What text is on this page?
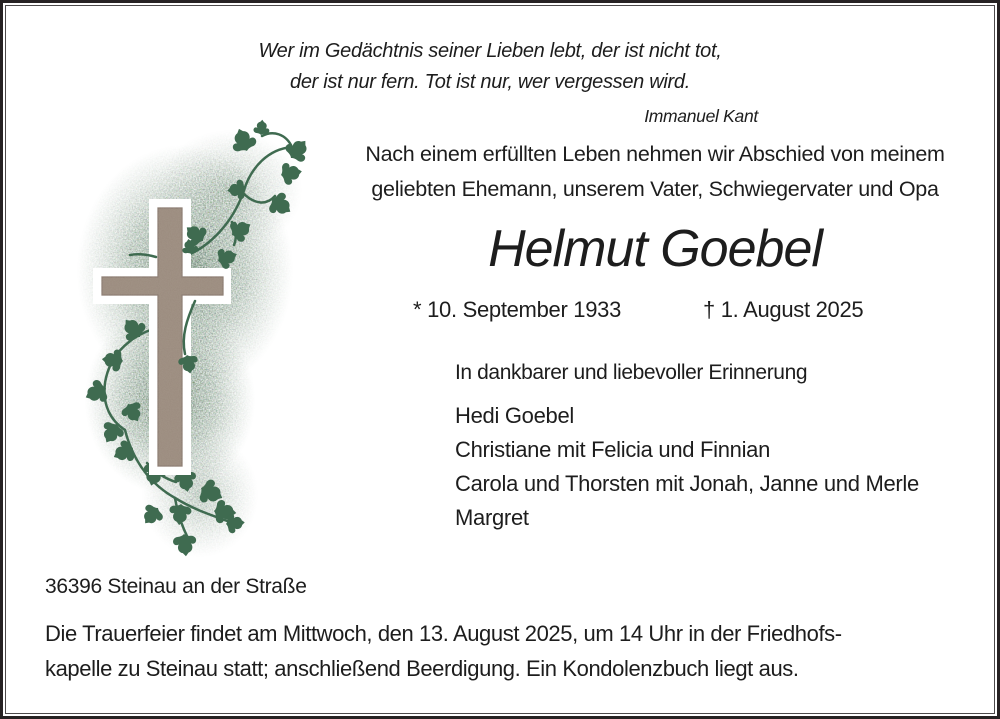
Wer im Gedächtnis seiner Lieben lebt, der ist nicht tot,
der ist nur fern. Tot ist nur, wer vergessen wird.
Immanuel Kant
Nach einem erfüllten Leben nehmen wir Abschied von meinem
geliebten Ehemann, unserem Vater, Schwiegervater und Opa
Helmut Goebel
* 10. September 1933	† 1. August 2025
In dankbarer und liebevoller Erinnerung
Hedi Goebel
Christiane mit Felicia und Finnian
Carola und Thorsten mit Jonah, Janne und Merle
Margret
36396 Steinau an der Straße
Die Trauerfeier findet am Mittwoch, den 13. August 2025, um 14 Uhr in der Friedhofs-
kapelle zu Steinau statt; anschließend Beerdigung. Ein Kondolenzbuch liegt aus.
